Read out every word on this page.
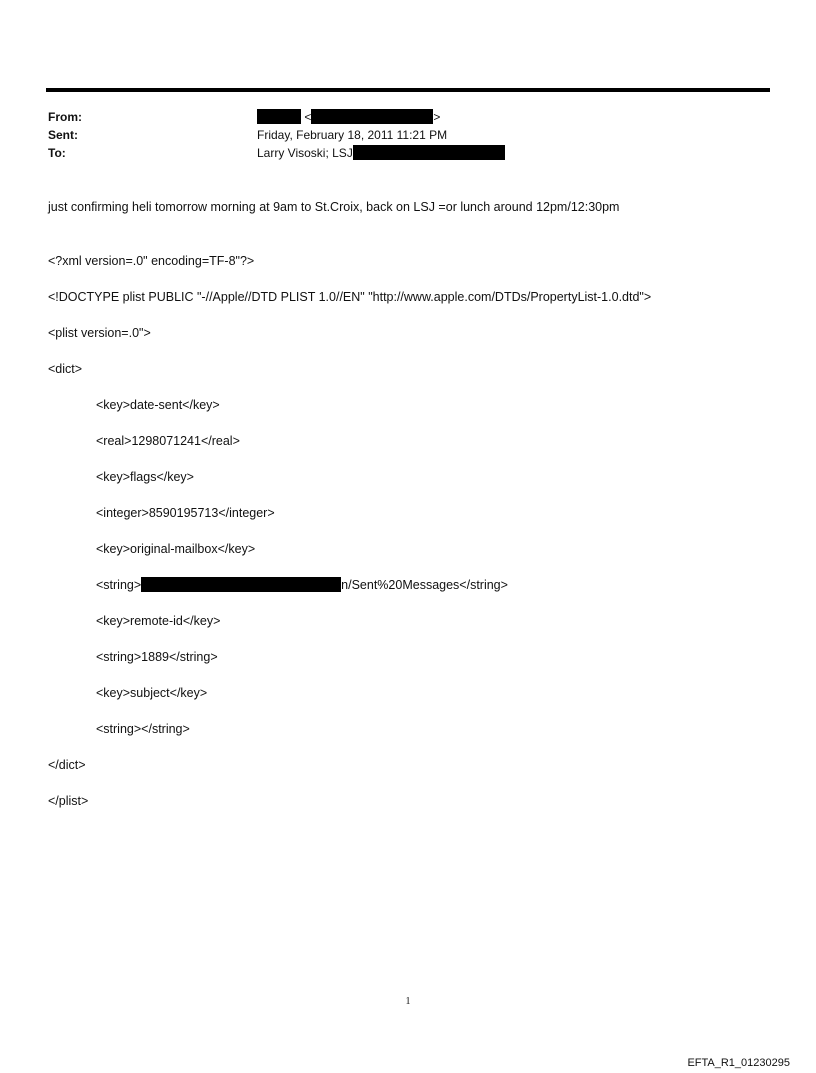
From:	<	>
Sent:	Friday, February 18, 2011 11:21 PM
To:	Larry Visoski; LSJ
just confirming heli tomorrow morning at 9am to St.Croix, back on LSJ =or lunch around 12pm/12:30pm

<?xml version=.0" encoding=TF-8"?>

<!DOCTYPE plist PUBLIC "-//Apple//DTD PLIST 1.0//EN" "http://www.apple.com/DTDs/PropertyList-1.0.dtd">

<plist version=.0">

<dict>

<key>date-sent</key>

<real>1298071241</real>

<key>flags</key>

<integer>8590195713</integer>

<key>original-mailbox</key>

<string>	n/Sent%20Messages</string>

<key>remote-id</key>

<string>1889</string>

<key>subject</key>

<string></string>

</dict>

</plist>

1
EFTA_R1_01230295
